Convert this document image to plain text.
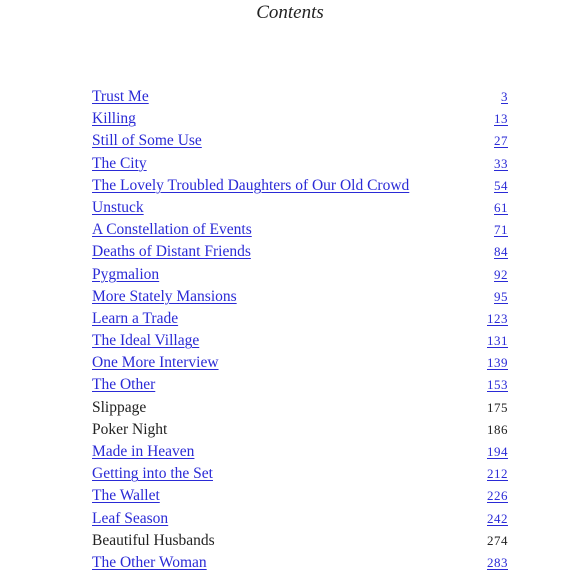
Contents
Trust Me	3
Killing	13
Still of Some Use	27
The City	33
The Lovely Troubled Daughters of Our Old Crowd	54
Unstuck	61
A Constellation of Events	71
Deaths of Distant Friends	84
Pygmalion	92
More Stately Mansions	95
Learn a Trade	123
The Ideal Village	131
One More Interview	139
The Other	153
Slippage	175
Poker Night	186
Made in Heaven	194
Getting into the Set	212
The Wallet	226
Leaf Season	242
Beautiful Husbands	274
The Other Woman	283
